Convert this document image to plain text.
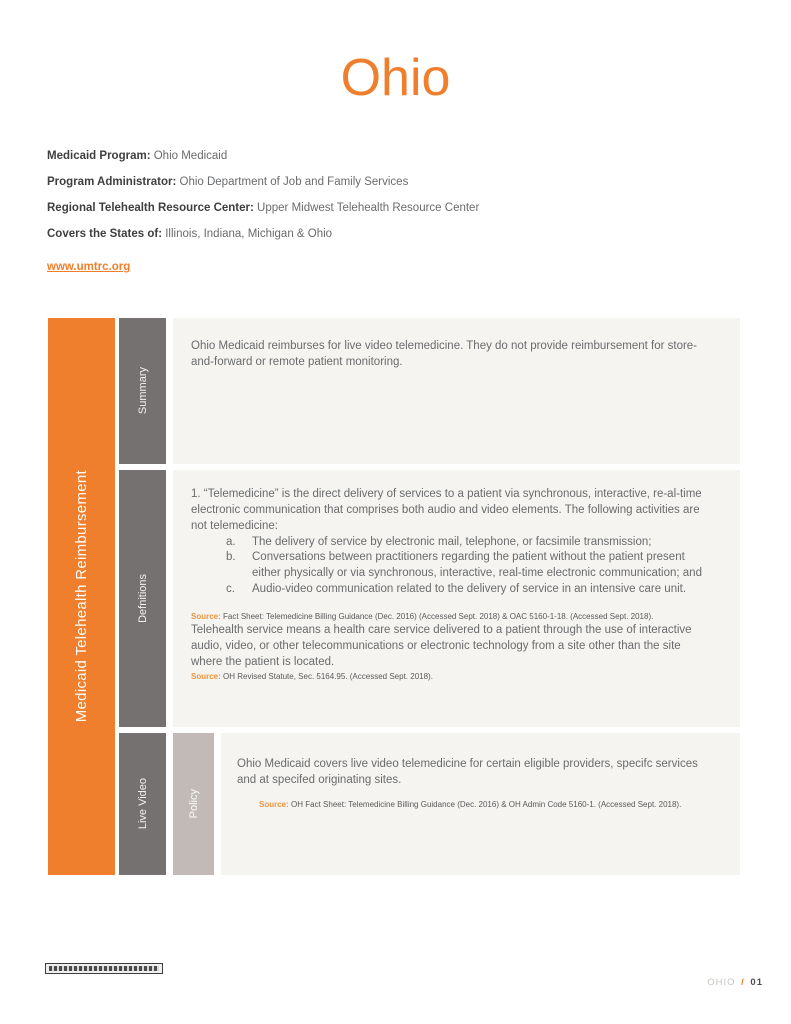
Ohio

Medicaid Program: Ohio Medicaid

Program Administrator: Ohio Department of Job and Family Services

Regional Telehealth Resource Center: Upper Midwest Telehealth Resource Center

Covers the States of: Illinois, Indiana, Michigan & Ohio

www.umtrc.org
Medicaid Telehealth Reimbursement
Summary

Ohio Medicaid reimburses for live video telemedicine. They do not provide reimbursement for store-and-forward or remote patient monitoring.

Defnitions

1. “Telemedicine” is the direct delivery of services to a patient via synchronous, interactive, re-al-time electronic communication that comprises both audio and video elements. The following activities are not telemedicine:

a.	The delivery of service by electronic mail, telephone, or facsimile transmission;
b.	Conversations between practitioners regarding the patient without the patient present either physically or via synchronous, interactive, real-time electronic communication; and
c.	Audio-video communication related to the delivery of service in an intensive care unit.

Source: Fact Sheet: Telemedicine Billing Guidance (Dec. 2016) (Accessed Sept. 2018) & OAC 5160-1-18. (Accessed Sept. 2018).

Telehealth service means a health care service delivered to a patient through the use of interactive audio, video, or other telecommunications or electronic technology from a site other than the site where the patient is located.

Source: OH Revised Statute, Sec. 5164.95. (Accessed Sept. 2018).

Live Video	Policy

Ohio Medicaid covers live video telemedicine for certain eligible providers, specifc services and at specifed originating sites.

Source: OH Fact Sheet: Telemedicine Billing Guidance (Dec. 2016) & OH Admin Code 5160-1. (Accessed Sept. 2018).

OHIO / 01
